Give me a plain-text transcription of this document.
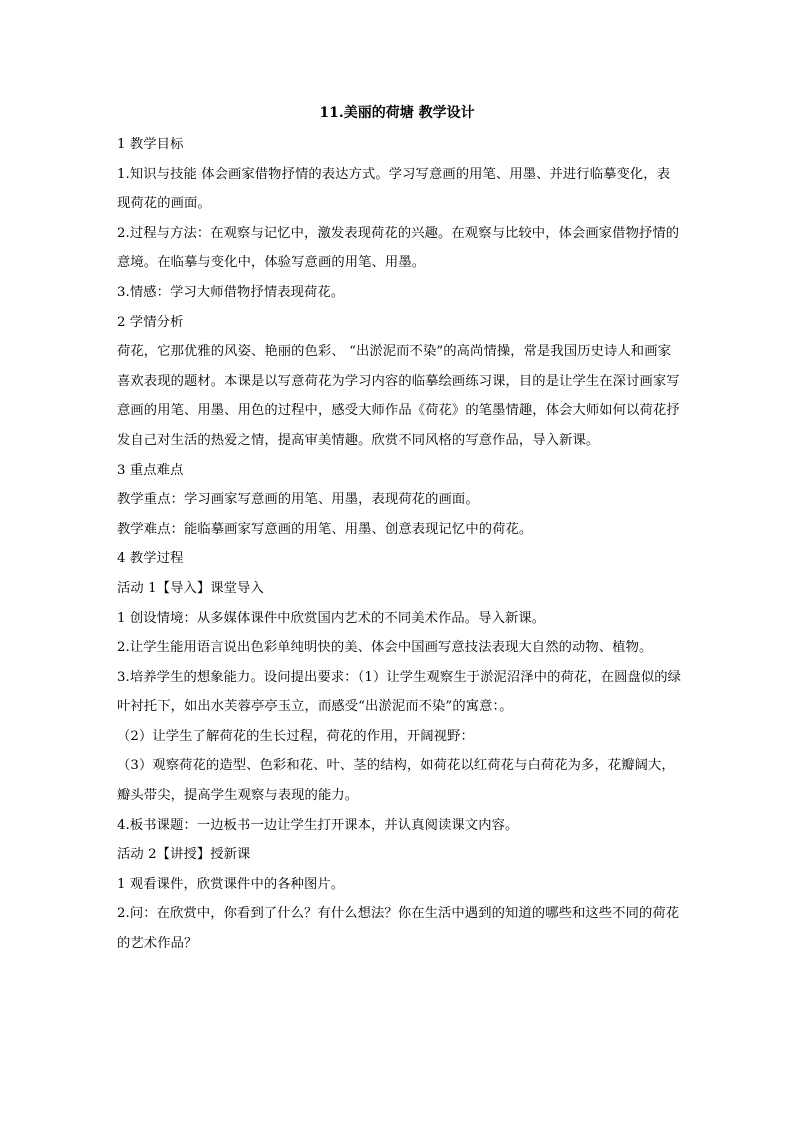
11.美丽的荷塘 教学设计

1 教学目标

1.知识与技能 体会画家借物抒情的表达方式。学习写意画的用笔、用墨、并进行临摹变化，表现荷花的画面。

2.过程与方法：在观察与记忆中，激发表现荷花的兴趣。在观察与比较中，体会画家借物抒情的意境。在临摹与变化中，体验写意画的用笔、用墨。

3.情感：学习大师借物抒情表现荷花。

2 学情分析

荷花，它那优雅的风姿、艳丽的色彩、 “出淤泥而不染”的高尚情操，常是我国历史诗人和画家喜欢表现的题材。本课是以写意荷花为学习内容的临摹绘画练习课，目的是让学生在深讨画家写意画的用笔、用墨、用色的过程中，感受大师作品《荷花》的笔墨情趣，体会大师如何以荷花抒发自己对生活的热爱之情，提高审美情趣。欣赏不同风格的写意作品，导入新课。

3 重点难点

教学重点：学习画家写意画的用笔、用墨，表现荷花的画面。

教学难点：能临摹画家写意画的用笔、用墨、创意表现记忆中的荷花。

4 教学过程

活动 1【导入】课堂导入

1 创设情境：从多媒体课件中欣赏国内艺术的不同美术作品。导入新课。

2.让学生能用语言说出色彩单纯明快的美、体会中国画写意技法表现大自然的动物、植物。

3.培养学生的想象能力。设问提出要求：（1）让学生观察生于淤泥沼泽中的荷花，在圆盘似的绿叶衬托下，如出水芙蓉亭亭玉立，而感受“出淤泥而不染”的寓意：。

（2）让学生了解荷花的生长过程，荷花的作用，开阔视野：

（3）观察荷花的造型、色彩和花、叶、茎的结构，如荷花以红荷花与白荷花为多，花瓣阔大，瓣头带尖，提高学生观察与表现的能力。

4.板书课题：一边板书一边让学生打开课本，并认真阅读课文内容。

活动 2【讲授】授新课

1 观看课件，欣赏课件中的各种图片。

2.问：在欣赏中，你看到了什么？有什么想法？你在生活中遇到的知道的哪些和这些不同的荷花的艺术作品？
